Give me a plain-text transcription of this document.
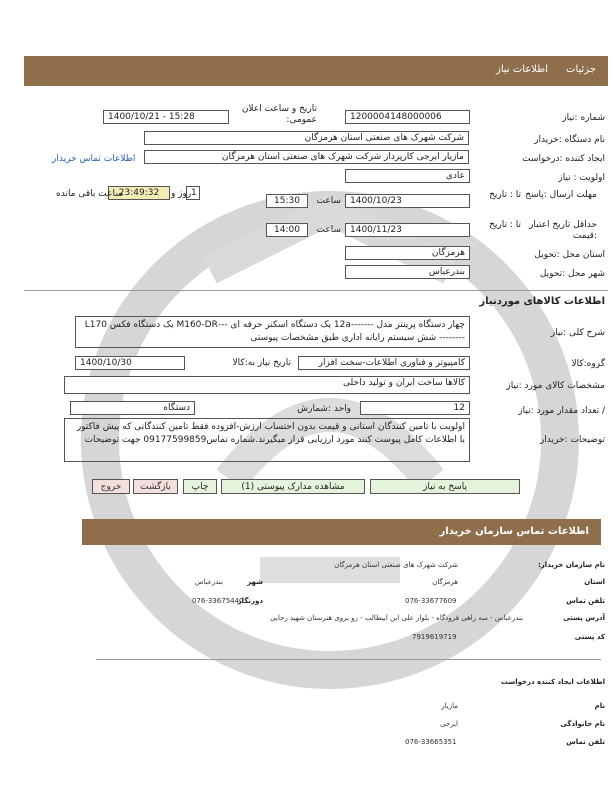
جزئیات
اطلاعات نیاز
شماره :نیاز
1200004148000006
تاریخ و ساعت اعلان عمومی:
1400/10/21 - 15:28
نام دستگاه :خریدار
شرکت شهرک های صنعتی استان هرمزگان
ایجاد کننده :درخواست
مازیار ایرجی کارپرداز شرکت شهرک های صنعتی استان هرمزگان
اطلاعات تماس خریدار
اولویت : نیاز
عادی
مهلت ارسال :پاسخ
تا : تاریخ
1400/10/23
ساعت
15:30
1
روز و
23:49:32
ساعت باقی مانده
حداقل تاریخ اعتبار :قیمت
تا : تاریخ
1400/11/23
ساعت
14:00
استان محل :تحویل
هرمزگان
شهر محل :تحویل
بندرعباس
اطلاعات کالاهای موردنیاز
شرح کلی :نیاز
چهار دستگاه پرینتر مدل -------12a یک دستگاه اسکنر حرفه ای ---M160-DR یک دستگاه فکس L170 -------- شش سیستم رایانه اداری طبق مشخصات پیوستی
گروه:کالا
کامپیوتر و فناوری اطلاعات-سخت افزار
تاریخ نیاز به:کالا
1400/10/30
مشخصات کالای مورد :نیاز
کالاها ساخت ایران و تولید داخلی
/ تعداد مقدار مورد :نیاز
12
واحد :شمارش
دستگاه
توضیحات :خریدار
اولویت با تامین کنندگان استانی و قیمت بدون احتساب ارزش-افزوده فقط تامین کنندگانی که پیش فاکتور با اطلاعات کامل پیوست کنند مورد ارزیابی قرار میگیرند.شماره تماس09177599859 جهت توضیحات
پاسخ به نیاز
مشاهده مدارک پیوستی (1)
چاپ
بازگشت
خروج
اطلاعات تماس سازمان خریدار
نام سازمان خریدار:
شرکت شهرک های صنعتی استان هرمزگان
استان
هرمزگان
شهر
بندرعباس
تلفن تماس
076-33677609
دورنگار
076-33675440
آدرس پستی
بندرعباس - سه راهی فرودگاه - بلوار علی ابن ابیطالب - رو بروی هنرستان شهید رجایی
کد پستی
7919619719
اطلاعات ایجاد کننده درخواست
نام
مازیار
نام خانوادگی
ایرجی
تلفن تماس
076-33665351
